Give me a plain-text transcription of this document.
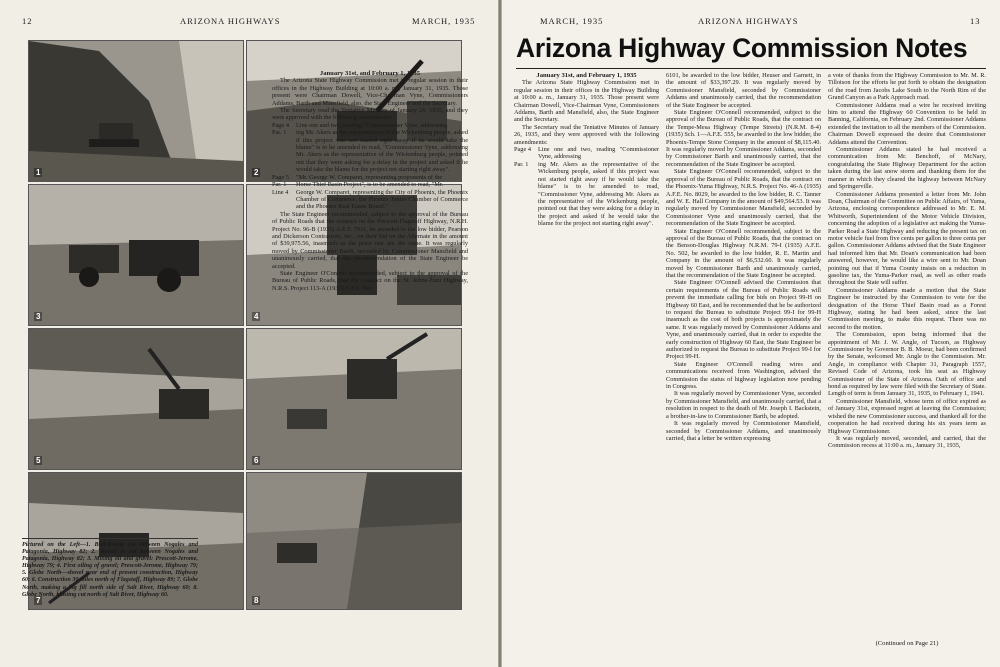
12	ARIZONA HIGHWAYS	MARCH, 1935
1	2
3	4
5	6
7	8
Pictured on the Left—1. Bull-dozing cut between Nogales and Patagonia, Highway 82; 2. Shovel in cut between Nogales and Patagonia, Highway 82; 3. Mixing oil and gravel: Prescott-Jerome, Highway 79; 4. First oiling of gravel; Prescott-Jerome, Highway 79; 5. Globe North—shovel near end of present construction, Highway 60; 6. Construction 30 miles north of Flagstaff, Highway 89; 7. Globe North, making a big fill north side of Salt River, Highway 60; 8. Globe North, blasting cut north of Salt River, Highway 60.

January 31st, and February 1, 1935

The Arizona State Highway Commission met in regular session in their offices in the Highway Building at 10:00 a. m., January 31, 1935. Those present were Chairman Dowell, Vice-Chairman Vyne, Commissioners Addams, Barth and Mansfield, also, the State Engineer and the Secretary.

The Secretary read the Tentative Minutes of January 26, 1935, and they were approved with the following amendments:

Page 4	Line one and two, reading "Commissioner Vyne, addressing
Par. 1	ing Mr. Akers as the representative of the Wickenburg people, asked if this project was not started right away if he would take the blame" is to be amended to read, "Commissioner Vyne, addressing Mr. Akers as the representative of the Wickenburg people, pointed out that they were asking for a delay in the project and asked if he would take the blame for the project not starting right away".
Page 5	"Mr. George W. Comparet, representing proponents of the
Par. 1	Horse Thief Basin Project", is to be amended to read, "Mr.
Line 4	George W. Comparet, representing the City of Phoenix, the Phoenix Chamber of Commerce, the Phoenix Junior Chamber of Commerce and the Phoenix Real Estate Board."

The State Engineer recommended, subject to the approval of the Bureau of Public Roads that the contract on the Prescott-Flagstaff Highway, N.R.H. Project No. 96-B (1935) A.E.F. 7911, be awarded to the low bidder, Pearson and Dickerson Contractors, Inc., on their bid on the Alternate in the amount of $39,975.56, inasmuch as the price rate are the same. It was regularly moved by Commissioner Barth, seconded by Commissioner Mansfield and unanimously carried, that the recommendation of the State Engineer be accepted.

State Engineer O'Connell recommended, subject to the approval of the Bureau of Public Roads, that the contract on the St. Johns-Zuni Highway, N.R.S. Project 113-A (1935) A.F.E. No.

MARCH, 1935	ARIZONA HIGHWAYS	13
Arizona Highway Commission Notes

January 31st, and February 1, 1935

The Arizona State Highway Commission met in regular session in their offices in the Highway Building at 10:00 a. m., January 31, 1935. Those present were Chairman Dowell, Vice-Chairman Vyne, Commissioners Addams, Barth and Mansfield, also, the State Engineer and the Secretary.

The Secretary read the Tentative Minutes of January 26, 1935, and they were approved with the following amendments:

Page 4	Line one and two, reading "Commissioner Vyne, addressing
Par. 1	ing Mr. Akers as the representative of the Wickenburg people, asked if this project was not started right away if he would take the blame" is to be amended to read, "Commissioner Vyne, addressing Mr. Akers as the representative of the Wickenburg people, pointed out that they were asking for a delay in the project and asked if he would take the blame for the project not starting right away".

6101, be awarded to the low bidder, Heuser and Garnett, in the amount of $33,397.29. It was regularly moved by Commissioner Mansfield, seconded by Commissioner Addams and unanimously carried, that the recommendation of the State Engineer be accepted.

State Engineer O'Connell recommended, subject to the approval of the Bureau of Public Roads, that the contract on the Tempe-Mesa Highway (Tempe Streets) (N.R.M. 8-4) (1935) Sch. 1—A.F.E. 555, be awarded to the low bidder, the Phoenix-Tempe Stone Company in the amount of $8,115.40. It was regularly moved by Commissioner Addams, seconded by Commissioner Barth and unanimously carried, that the recommendation of the State Engineer be accepted.

State Engineer O'Connell recommended, subject to the approval of the Bureau of Public Roads, that the contract on the Phoenix-Yuma Highway, N.R.S. Project No. 46-A (1935) A.F.E. No. 8029, be awarded to the low bidder, R. C. Tanner and W. E. Hall Company in the amount of $49,564.53. It was regularly moved by Commissioner Mansfield, seconded by Commissioner Vyne and unanimously carried, that the recommendation of the State Engineer be accepted.

State Engineer O'Connell recommended, subject to the approval of the Bureau of Public Roads, that the contract on the Benson-Douglas Highway N.R.M. 79-I (1935) A.F.E. No. 502, be awarded to the low bidder, R. E. Martin and Company in the amount of $6,532.60. It was regularly moved by Commissioner Barth and unanimously carried, that the recommendation of the State Engineer be accepted.

State Engineer O'Connell advised the Commission that certain requirements of the Bureau of Public Roads will prevent the immediate calling for bids on Project 99-H on Highway 60 East, and he recommended that he be authorized to request the Bureau to substitute Project 99-I for 99-H inasmuch as the cost of both projects is approximately the same. It was regularly moved by Commissioner Addams and Vyne, and unanimously carried, that in order to expedite the early construction of Highway 60 East, the State Engineer be authorized to request the Bureau to substitute Project 99-I for Project 99-H.

State Engineer O'Connell reading wires and communications received from Washington, advised the Commission the status of highway legislation now pending in Congress.

It was regularly moved by Commissioner Vyne, seconded by Commissioner Mansfield, and unanimously carried, that a resolution in respect to the death of Mr. Joseph I. Backstein, a brother-in-law to Commissioner Barth, be adopted.

It was regularly moved by Commissioner Mansfield, seconded by Commissioner Addams, and unanimously carried, that a letter be written expressing

a vote of thanks from the Highway Commission to Mr. M. R. Tillotson for the efforts he put forth to obtain the designation of the road from Jacobs Lake South to the North Rim of the Grand Canyon as a Park Approach road.

Commissioner Addams read a wire he received inviting him to attend the Highway 60 Convention to be held in Banning, California, on February 2nd. Commissioner Addams extended the invitation to all the members of the Commission. Chairman Dowell expressed the desire that Commissioner Addams attend the Convention.

Commissioner Addams stated he had received a communication from Mr. Benchoff, of McNary, congratulating the State Highway Department for the action taken during the last snow storm and thanking them for the manner in which they cleared the highway between McNary and Springerville.

Commissioner Addams presented a letter from Mr. John Doan, Chairman of the Committee on Public Affairs, of Yuma, Arizona, enclosing correspondence addressed to Mr. E. M. Whitworth, Superintendent of the Motor Vehicle Division, concerning the adoption of a legislative act making the Yuma-Parker Road a State Highway and reducing the present tax on motor vehicle fuel from five cents per gallon to three cents per gallon. Commissioner Addams advised that the State Engineer had informed him that Mr. Doan's communication had been answered, however, he would like a wire sent to Mr. Doan pointing out that if Yuma County insists on a reduction in gasoline tax, the Yuma-Parker road, as well as other roads throughout the State will suffer.

Commissioner Addams made a motion that the State Engineer be instructed by the Commission to vote for the designation of the Horse Thief Basin road as a Forest Highway, stating he had been asked, since the last Commission meeting, to make this request. There was no second to the motion.

The Commission, upon being informed that the appointment of Mr. J. W. Angle, of Tucson, as Highway Commissioner by Governor B. B. Moeur, had been confirmed by the Senate, welcomed Mr. Angle to the Commission. Mr. Angle, in compliance with Chapter 31, Paragraph 1557, Revised Code of Arizona, took his seat as Highway Commissioner of the State of Arizona. Oath of office and bond as required by law were filed with the Secretary of State. Length of term is from January 31, 1935, to February 1, 1941.

Commissioner Mansfield, whose term of office expired as of January 31st, expressed regret at leaving the Commission; wished the new Commissioner success, and thanked all for the cooperation he had received during his six years term as Highway Commissioner.

It was regularly moved, seconded, and carried, that the Commission recess at 11:00 a. m., January 31, 1935,

(Continued on Page 21)
